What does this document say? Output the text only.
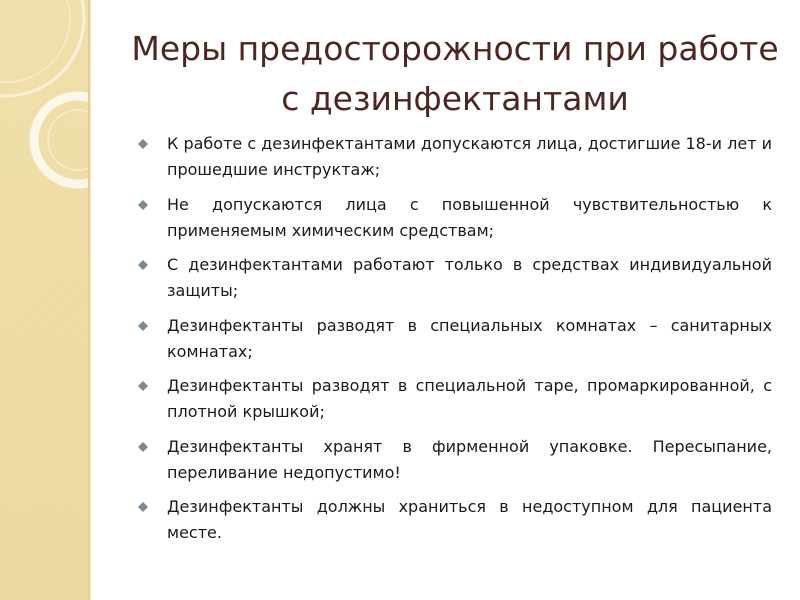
Меры предосторожности при работе с дезинфектантами
К работе с дезинфектантами допускаются лица, достигшие 18-и лет и прошедшие инструктаж;
Не допускаются лица с повышенной чувствительностью к применяемым химическим средствам;
С дезинфектантами работают только в средствах индивидуальной защиты;
Дезинфектанты разводят в специальных комнатах – санитарных комнатах;
Дезинфектанты разводят в специальной таре, промаркированной, с плотной крышкой;
Дезинфектанты хранят в фирменной упаковке. Пересыпание, переливание недопустимо!
Дезинфектанты должны храниться в недоступном для пациента месте.
